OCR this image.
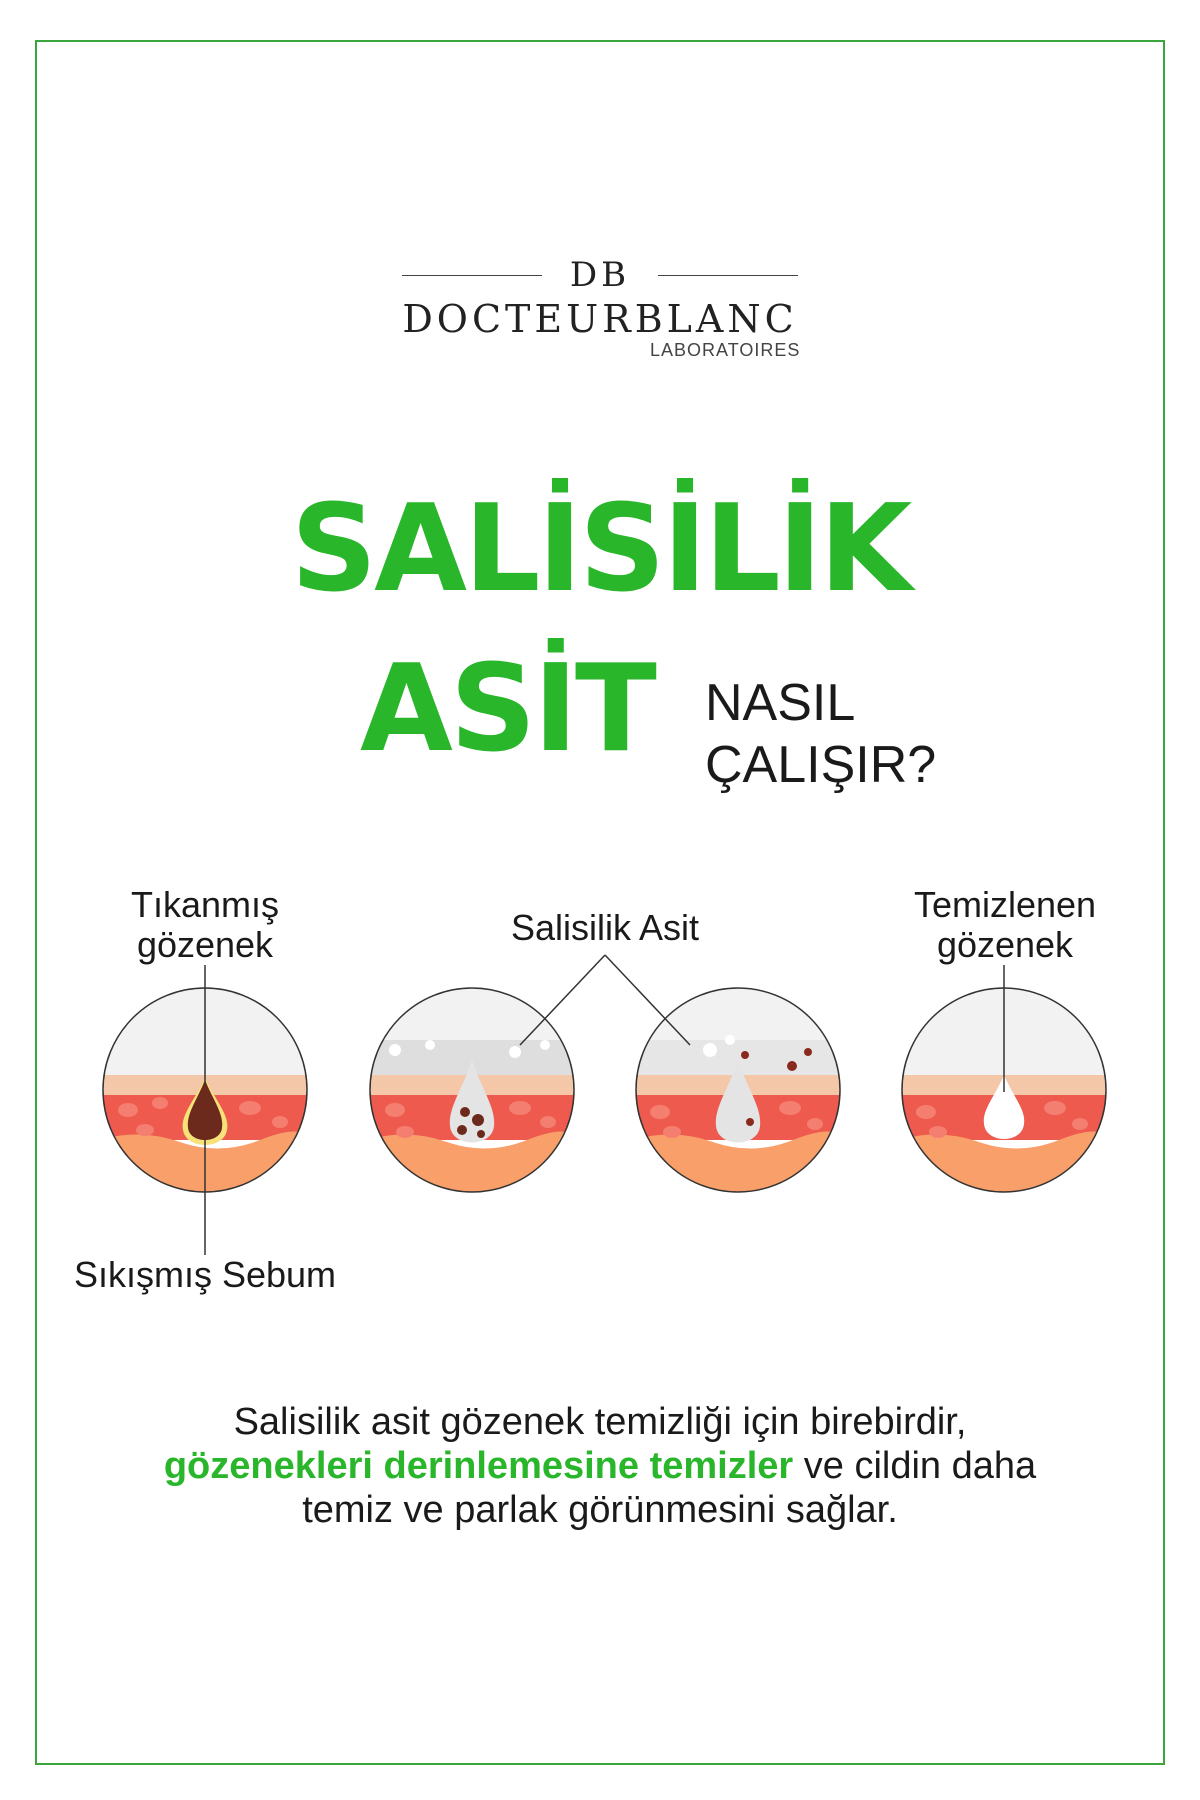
DB
DOCTEURBLANC
LABORATOIRES
SALİSİLİK
ASİT NASIL ÇALIŞIR?
Tıkanmış gözenek	Salisilik Asit
Temizlenen gözenek
Sıkışmış Sebum
Salisilik asit gözenek temizliği için birebirdir,
gözenekleri derinlemesine temizler ve cildin daha
temiz ve parlak görünmesini sağlar.
